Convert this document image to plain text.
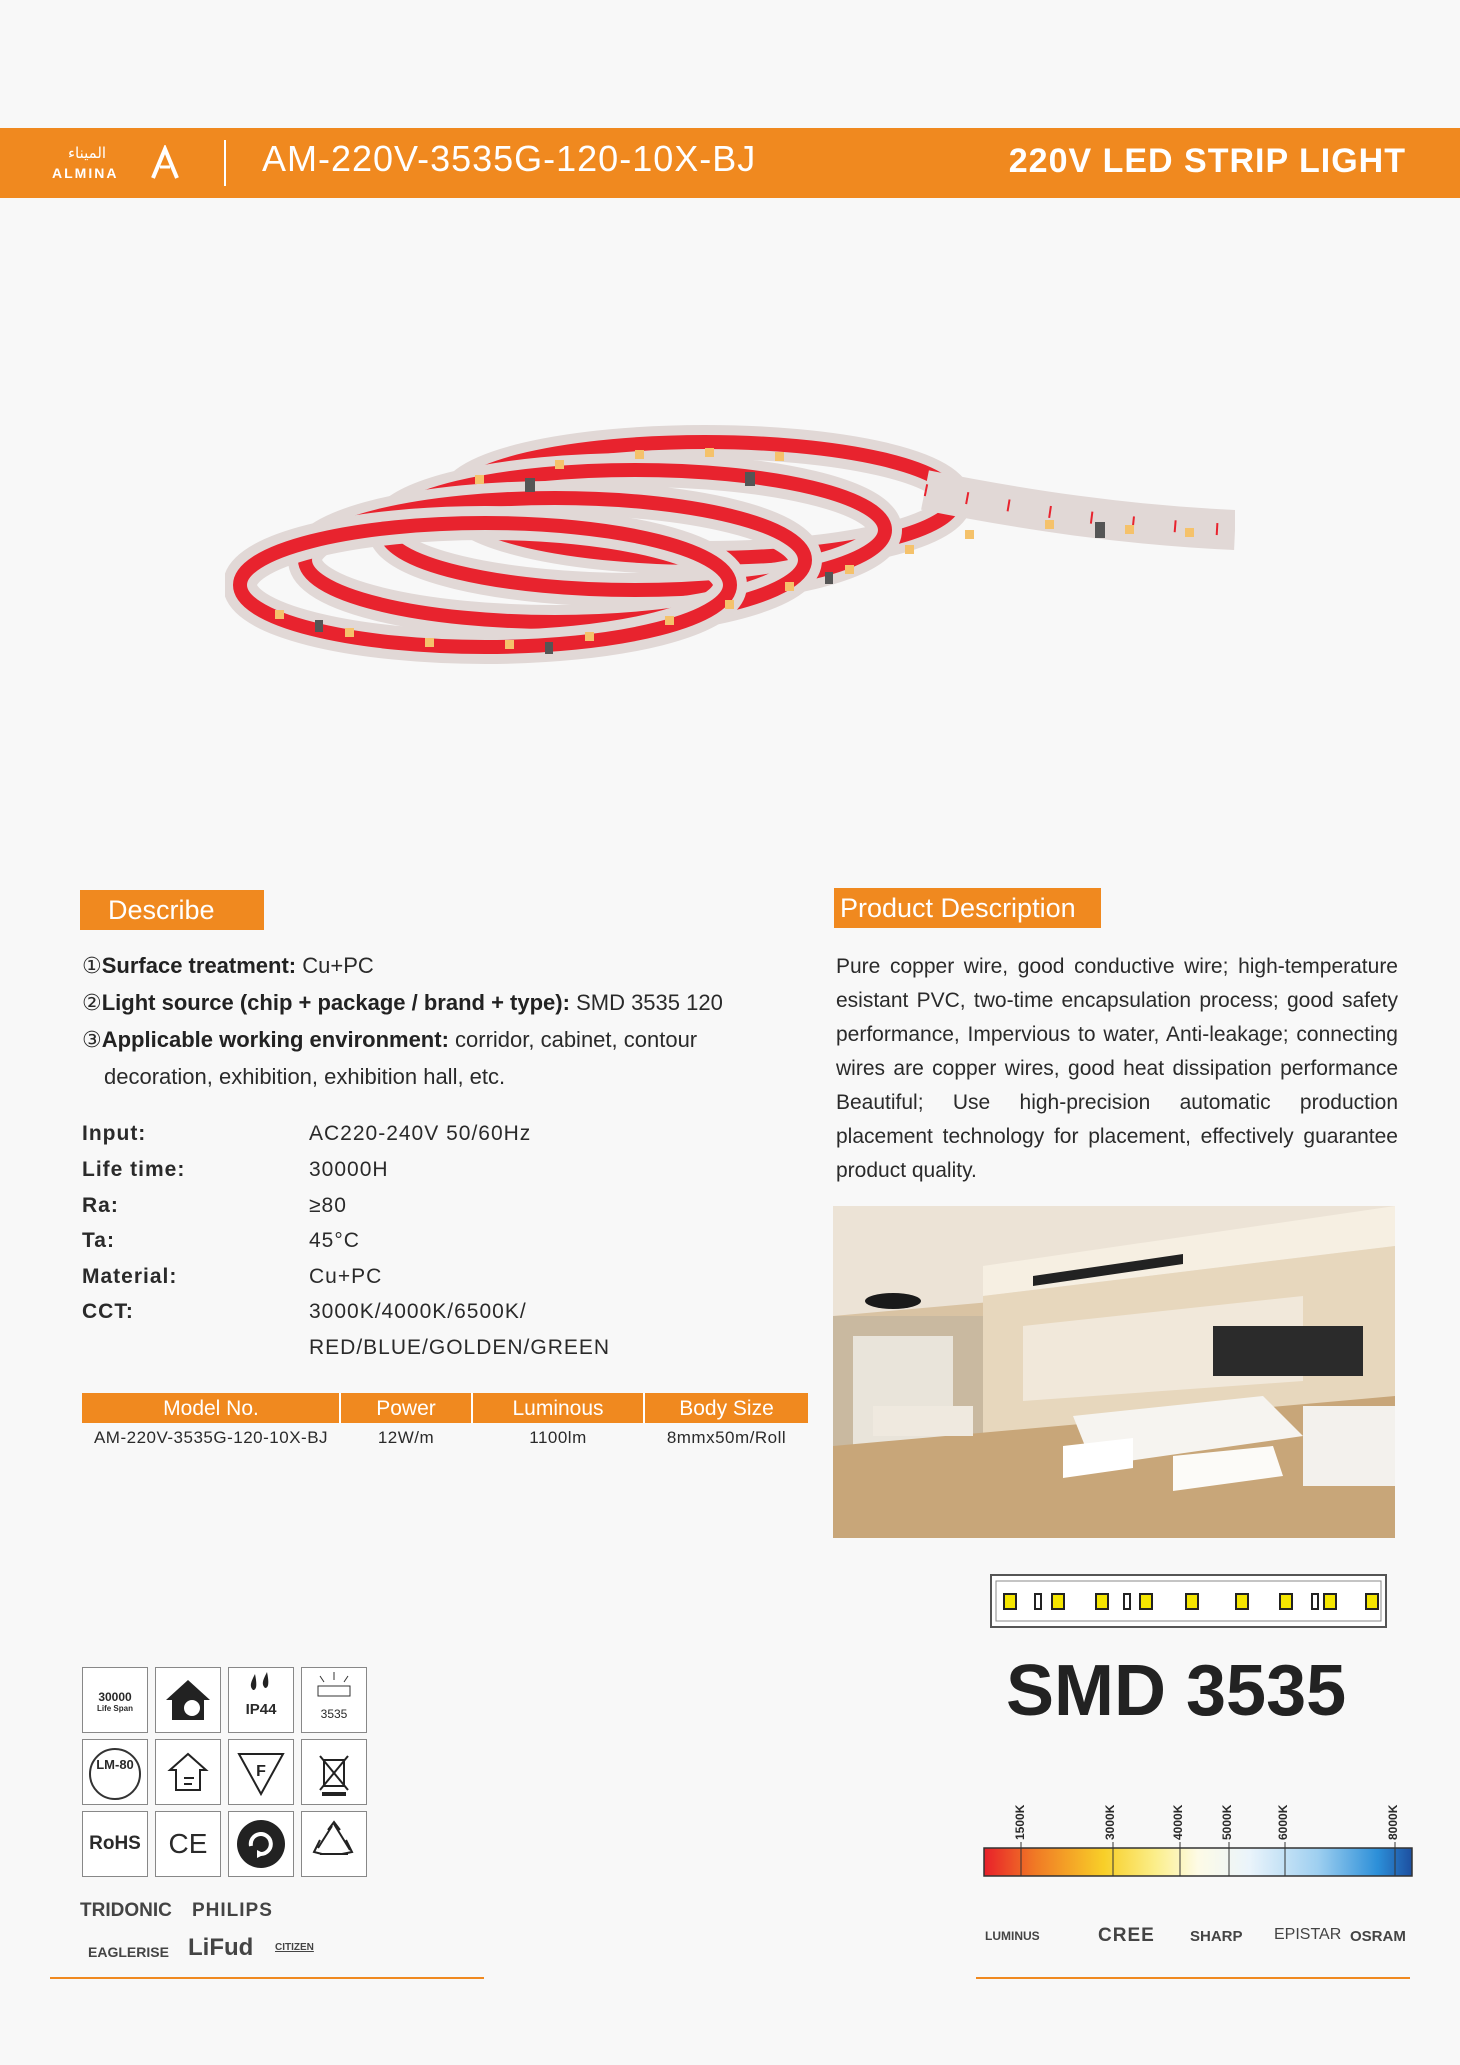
الميناء
ALMINA	AM-220V-3535G-120-10X-BJ	220V LED STRIP LIGHT
Describe
①Surface treatment: Cu+PC
②Light source (chip + package / brand + type): SMD 3535 120
③Applicable working environment: corridor, cabinet, contour
decoration, exhibition, exhibition hall, etc.
Input:	AC220-240V 50/60Hz
Life time:	30000H
Ra:	≥80
Ta:	45°C
Material:	Cu+PC
CCT:	3000K/4000K/6500K/
RED/BLUE/GOLDEN/GREEN
Model No.	Power	Luminous	Body Size
AM-220V-3535G-120-10X-BJ	12W/m	1100lm	8mmx50m/Roll
Product Description
Pure copper wire, good conductive wire; high-temperature esistant PVC, two-time encapsulation process; good safety performance, Impervious to water, Anti-leakage; connecting wires are copper wires, good heat dissipation performance Beautiful; Use high-precision automatic production placement technology for placement, effectively guarantee product quality.
SMD 3535
1500K	3000K	4000K	5000K	6000K	8000K
30000
Life Span	IP44	3535
LM-80	F
RoHS CE
TRIDONIC PHILIPS
EAGLERISE LiFud CITIZEN
LUMINUS	CREE SHARP EPISTAR OSRAM
